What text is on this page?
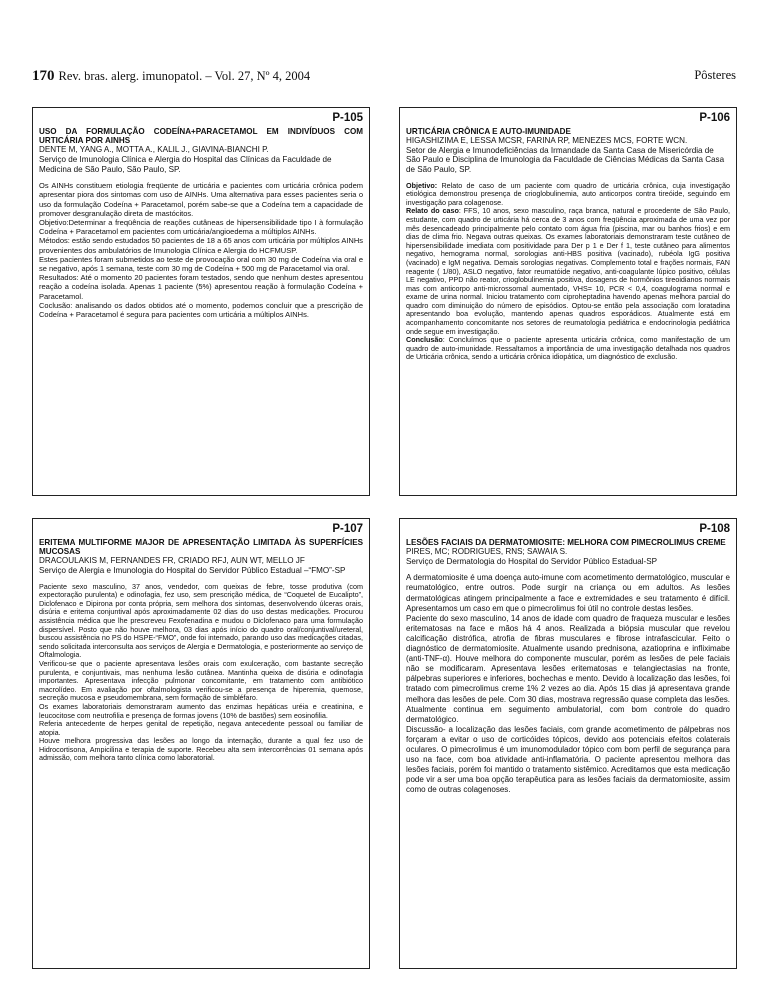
170 Rev. bras. alerg. imunopatol. – Vol. 27, Nº 4, 2004	Pôsteres
P-105
USO DA FORMULAÇÃO CODEÍNA+PARACETAMOL EM INDIVÍDUOS COM URTICÁRIA POR AINHS
DENTE M, YANG A., MOTTA A., KALIL J., GIAVINA-BIANCHI P.
Serviço de Imunologia Clínica e Alergia do Hospital das Clínicas da Faculdade de Medicina de São Paulo, São Paulo, SP.

Os AINHs constituem etiologia freqüente de urticária e pacientes com urticária crônica podem apresentar piora dos sintomas com uso de AINHs. Uma alternativa para esses pacientes seria o uso da formulação Codeína + Paracetamol, porém sabe-se que a Codeína tem a capacidade de promover desgranulação direta de mastócitos.

Objetivo:Determinar a freqüência de reações cutâneas de hipersensibilidade tipo I à formulação Codeína + Paracetamol em pacientes com urticária/angioedema a múltiplos AINHs.

Métodos: estão sendo estudados 50 pacientes de 18 a 65 anos com urticária por múltiplos AINHs provenientes dos ambulatórios de Imunologia Clínica e Alergia do HCFMUSP.

Estes pacientes foram submetidos ao teste de provocação oral com 30 mg de Codeína via oral e se negativo, após 1 semana, teste com 30 mg de Codeína + 500 mg de Paracetamol via oral.

Resultados: Até o momento 20 pacientes foram testados, sendo que nenhum destes apresentou reação a codeína isolada. Apenas 1 paciente (5%) apresentou reação à formulação Codeína + Paracetamol.

Coclusão: analisando os dados obtidos até o momento, podemos concluir que a prescrição de Codeína + Paracetamol é segura para pacientes com urticária a múltiplos AINHs.

P-106
URTICÁRIA CRÔNICA E AUTO-IMUNIDADE
HIGASHIZIMA E, LESSA MCSR, FARINA RP, MENEZES MCS, FORTE WCN.
Setor de Alergia e Imunodeficiências da Irmandade da Santa Casa de Misericórdia de São Paulo e Disciplina de Imunologia da Faculdade de Ciências Médicas da Santa Casa de São Paulo, SP.

Objetivo: Relato de caso de um paciente com quadro de urticária crônica, cuja investigação etiológica demonstrou presença de crioglobulinemia, auto anticorpos contra tireóide, seguindo em investigação para colagenose.

Relato do caso: FFS, 10 anos, sexo masculino, raça branca, natural e procedente de São Paulo, estudante, com quadro de urticária há cerca de 3 anos com freqüência aproximada de uma vez por mês desencadeado principalmente pelo contato com água fria (piscina, mar ou banhos frios) e em dias de clima frio. Negava outras queixas. Os exames laboratoriais demonstraram teste cutâneo de hipersensibilidade imediata com positividade para Der p 1 e Der f 1, teste cutâneo para alimentos negativo, hemograma normal, sorologias anti-HBS positiva (vacinado), rubéola IgG positiva (vacinado) e IgM negativa. Demais sorologias negativas. Complemento total e frações normais, FAN reagente ( 1/80), ASLO negativo, fator reumatóide negativo, anti-coagulante lúpico positivo, células LE negativo, PPD não reator, crioglobulinemia positiva, dosagens de hormônios tireoidianos normais mas com anticorpo anti-microssomal aumentado, VHS= 10, PCR < 0,4, coagulograma normal e exame de urina normal. Iniciou tratamento com ciproheptadina havendo apenas melhora parcial do quadro com diminuição do número de episódios. Optou-se então pela associação com loratadina apresentando boa evolução, mantendo apenas quadros esporádicos. Atualmente está em acompanhamento concomitante nos setores de reumatologia pediátrica e endocrinologia pediátrica onde segue em investigação.

Conclusão: Concluímos que o paciente apresenta urticária crônica, como manifestação de um quadro de auto-imunidade. Ressaltamos a importância de uma investigação detalhada nos quadros de Urticária crônica, sendo a urticária crônica idiopática, um diagnóstico de exclusão.

P-107
ERITEMA MULTIFORME MAJOR DE APRESENTAÇÃO LIMITADA ÀS SUPERFÍCIES MUCOSAS
DRACOULAKIS M, FERNANDES FR, CRIADO RFJ, AUN WT, MELLO JF
Serviço de Alergia e Imunologia do Hospital do Servidor Público Estadual –“FMO”-SP

Paciente sexo masculino, 37 anos, vendedor, com queixas de febre, tosse produtiva (com expectoração purulenta) e odinofagia, fez uso, sem prescrição médica, de “Coquetel de Eucalipto”, Diclofenaco e Dipirona por conta própria, sem melhora dos sintomas, desenvolvendo úlceras orais, disúria e eritema conjuntival após aproximadamente 02 dias do uso destas medicações. Procurou assistência médica que lhe prescreveu Fexofenadina e mudou o Diclofenaco para uma formulação dispersível. Posto que não houve melhora, 03 dias após início do quadro oral/conjuntival/ureteral, buscou assistência no PS do HSPE-“FMO”, onde foi internado, parando uso das medicações citadas, sendo solicitada interconsulta aos serviços de Alergia e Dermatologia, e posteriormente ao serviço de Oftalmologia.

Verificou-se que o paciente apresentava lesões orais com exulceração, com bastante secreção purulenta, e conjuntivais, mas nenhuma lesão cutânea. Mantinha queixa de disúria e odinofagia importantes. Apresentava infecção pulmonar concomitante, em tratamento com antibiótico macrolídeo. Em avaliação por oftalmologista verificou-se a presença de hiperemia, quemose, secreção mucosa e pseudomembrana, sem formação de simbléfaro.

Os exames laboratoriais demonstraram aumento das enzimas hepáticas uréia e creatinina, e leucocitose com neutrofilia e presença de formas jovens (10% de bastões) sem eosinofilia.

Referia antecedente de herpes genital de repetição, negava antecedente pessoal ou familiar de atopia.

Houve melhora progressiva das lesões ao longo da internação, durante a qual fez uso de Hidrocortisona, Ampicilina e terapia de suporte. Recebeu alta sem intercorrências 01 semana após admissão, com melhora tanto clínica como laboratorial.

P-108
LESÕES FACIAIS DA DERMATOMIOSITE: MELHORA COM PIMECROLIMUS CREME
PIRES, MC; RODRIGUES, RNS; SAWAIA S.
Serviço de Dermatologia do Hospital do Servidor Público Estadual-SP

A dermatomiosite é uma doença auto-imune com acometimento dermatológico, muscular e reumatológico, entre outros. Pode surgir na criança ou em adultos. As lesões dermatológicas atingem principalmente a face e extremidades e seu tratamento é difícil. Apresentamos um caso em que o pimecrolimus foi útil no controle destas lesões.

Paciente do sexo masculino, 14 anos de idade com quadro de fraqueza muscular e lesões eritematosas na face e mãos há 4 anos. Realizada a biópsia muscular que revelou calcificação distrófica, atrofia de fibras musculares e fibrose intrafascicular. Feito o diagnóstico de dermatomiosite. Atualmente usando prednisona, azatioprina e infliximabe (anti-TNF-α). Houve melhora do componente muscular, porém as lesões de pele faciais não se modificaram. Apresentava lesões eritematosas e telangiectasias na fronte, pálpebras superiores e inferiores, bochechas e mento. Devido à localização das lesões, foi tratado com pimecrolimus creme 1% 2 vezes ao dia. Após 15 dias já apresentava grande melhora das lesões de pele. Com 30 dias, mostrava regressão quase completa das lesões. Atualmente continua em seguimento ambulatorial, com bom controle do quadro dermatológico.

Discussão- a localização das lesões faciais, com grande acometimento de pálpebras nos forçaram a evitar o uso de corticóides tópicos, devido aos potenciais efeitos colaterais oculares. O pimecrolimus é um imunomodulador tópico com bom perfil de segurança para uso na face, com boa atividade anti-inflamatória. O paciente apresentou melhora das lesões faciais, porém foi mantido o tratamento sistêmico. Acreditamos que esta medicação pode vir a ser uma boa opção terapêutica para as lesões faciais da dermatomiosite, assim como de outras colagenoses.
